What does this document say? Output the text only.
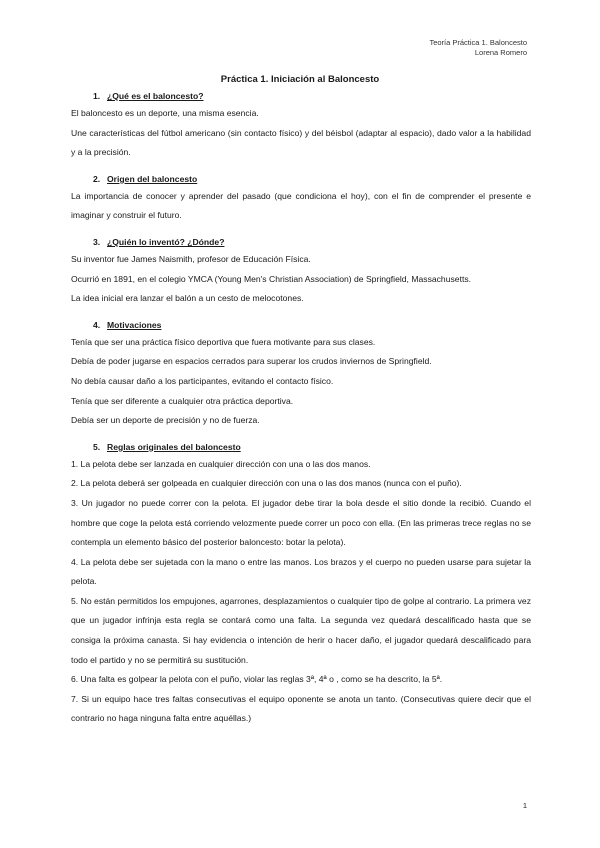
Teoría Práctica 1. Baloncesto
Lorena Romero
Práctica 1. Iniciación al Baloncesto
1. ¿Qué es el baloncesto?

El baloncesto es un deporte, una misma esencia.

Une características del fútbol americano (sin contacto físico) y del béisbol (adaptar al espacio), dado valor a la habilidad y a la precisión.

2. Origen del baloncesto

La importancia de conocer y aprender del pasado (que condiciona el hoy), con el fin de comprender el presente e imaginar y construir el futuro.

3. ¿Quién lo inventó? ¿Dónde?

Su inventor fue James Naismith, profesor de Educación Física.

Ocurrió en 1891, en el colegio YMCA (Young Men's Christian Association) de Springfield, Massachusetts.

La idea inicial era lanzar el balón a un cesto de melocotones.

4. Motivaciones

Tenía que ser una práctica físico deportiva que fuera motivante para sus clases.

Debía de poder jugarse en espacios cerrados para superar los crudos inviernos de Springfield.

No debía causar daño a los participantes, evitando el contacto físico.

Tenía que ser diferente a cualquier otra práctica deportiva.

Debía ser un deporte de precisión y no de fuerza.

5. Reglas originales del baloncesto

1. La pelota debe ser lanzada en cualquier dirección con una o las dos manos.

2. La pelota deberá ser golpeada en cualquier dirección con una o las dos manos (nunca con el puño).

3. Un jugador no puede correr con la pelota. El jugador debe tirar la bola desde el sitio donde la recibió. Cuando el hombre que coge la pelota está corriendo velozmente puede correr un poco con ella. (En las primeras trece reglas no se contempla un elemento básico del posterior baloncesto: botar la pelota).

4. La pelota debe ser sujetada con la mano o entre las manos. Los brazos y el cuerpo no pueden usarse para sujetar la pelota.

5. No están permitidos los empujones, agarrones, desplazamientos o cualquier tipo de golpe al contrario. La primera vez que un jugador infrinja esta regla se contará como una falta. La segunda vez quedará descalificado hasta que se consiga la próxima canasta. Si hay evidencia o intención de herir o hacer daño, el jugador quedará descalificado para todo el partido y no se permitirá su sustitución.

6. Una falta es golpear la pelota con el puño, violar las reglas 3ª, 4ª o , como se ha descrito, la 5ª.

7. Si un equipo hace tres faltas consecutivas el equipo oponente se anota un tanto. (Consecutivas quiere decir que el contrario no haga ninguna falta entre aquéllas.)

1
